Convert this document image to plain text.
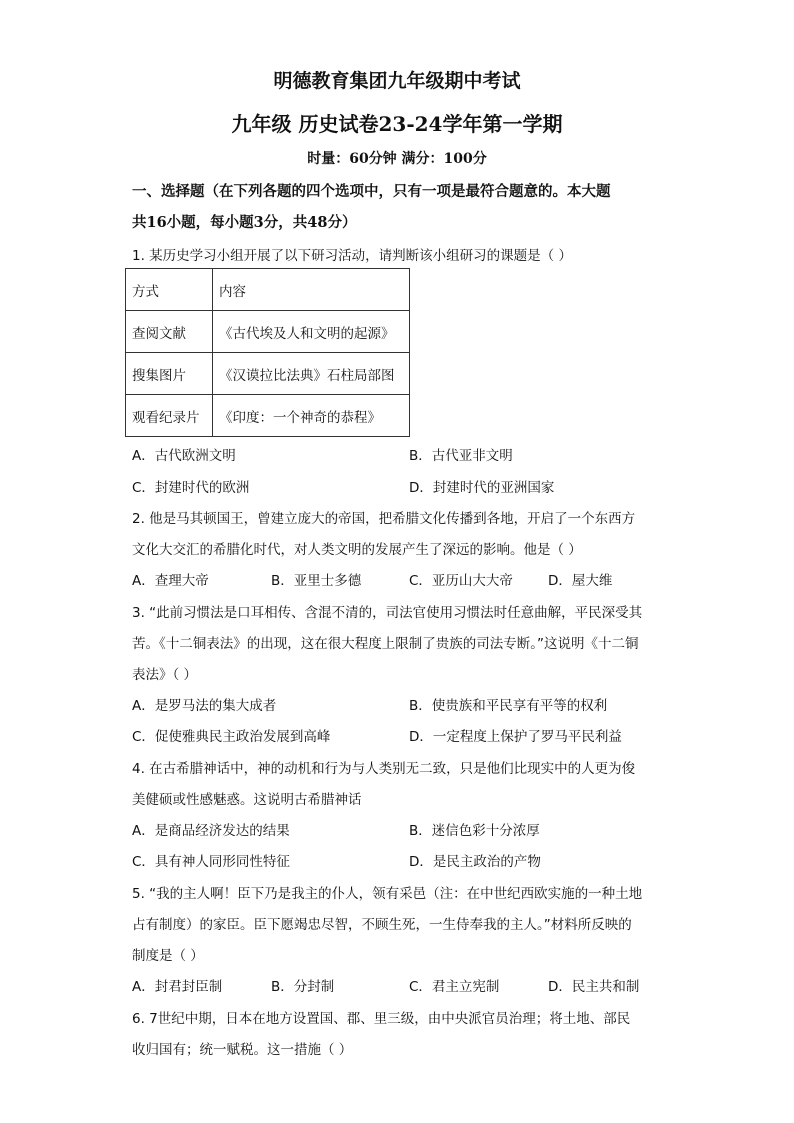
明德教育集团九年级期中考试
九年级 历史试卷23-24学年第一学期
时量：60分钟 满分：100分
一、选择题（在下列各题的四个选项中，只有一项是最符合题意的。本大题
共16小题，每小题3分，共48分）
1. 某历史学习小组开展了以下研习活动，请判断该小组研习的课题是（ ）
方式	内容
查阅文献	《古代埃及人和文明的起源》
搜集图片	《汉谟拉比法典》石柱局部图
观看纪录片	《印度：一个神奇的恭程》
A．古代欧洲文明	B．古代亚非文明
C．封建时代的欧洲	D．封建时代的亚洲国家
2. 他是马其顿国王，曾建立庞大的帝国，把希腊文化传播到各地，开启了一个东西方
文化大交汇的希腊化时代，对人类文明的发展产生了深远的影响。他是（ ）
A．查理大帝	B．亚里士多德	C．亚历山大大帝	D．屋大维
3. “此前习惯法是口耳相传、含混不清的，司法官使用习惯法时任意曲解，平民深受其
苦。《十二铜表法》的出现，这在很大程度上限制了贵族的司法专断。”这说明《十二铜
表法》（ ）
A．是罗马法的集大成者	B．使贵族和平民享有平等的权利
C．促使雅典民主政治发展到高峰	D．一定程度上保护了罗马平民利益
4. 在古希腊神话中，神的动机和行为与人类别无二致，只是他们比现实中的人更为俊
美健硕或性感魅惑。这说明古希腊神话
A．是商品经济发达的结果	B．迷信色彩十分浓厚
C．具有神人同形同性特征	D．是民主政治的产物
5. “我的主人啊！臣下乃是我主的仆人，领有采邑（注：在中世纪西欧实施的一种土地
占有制度）的家臣。臣下愿竭忠尽智，不顾生死，一生侍奉我的主人。”材料所反映的
制度是（ ）
A．封君封臣制	B．分封制	C．君主立宪制	D．民主共和制
6. 7世纪中期，日本在地方设置国、郡、里三级，由中央派官员治理；将土地、部民
收归国有；统一赋税。这一措施（ ）
